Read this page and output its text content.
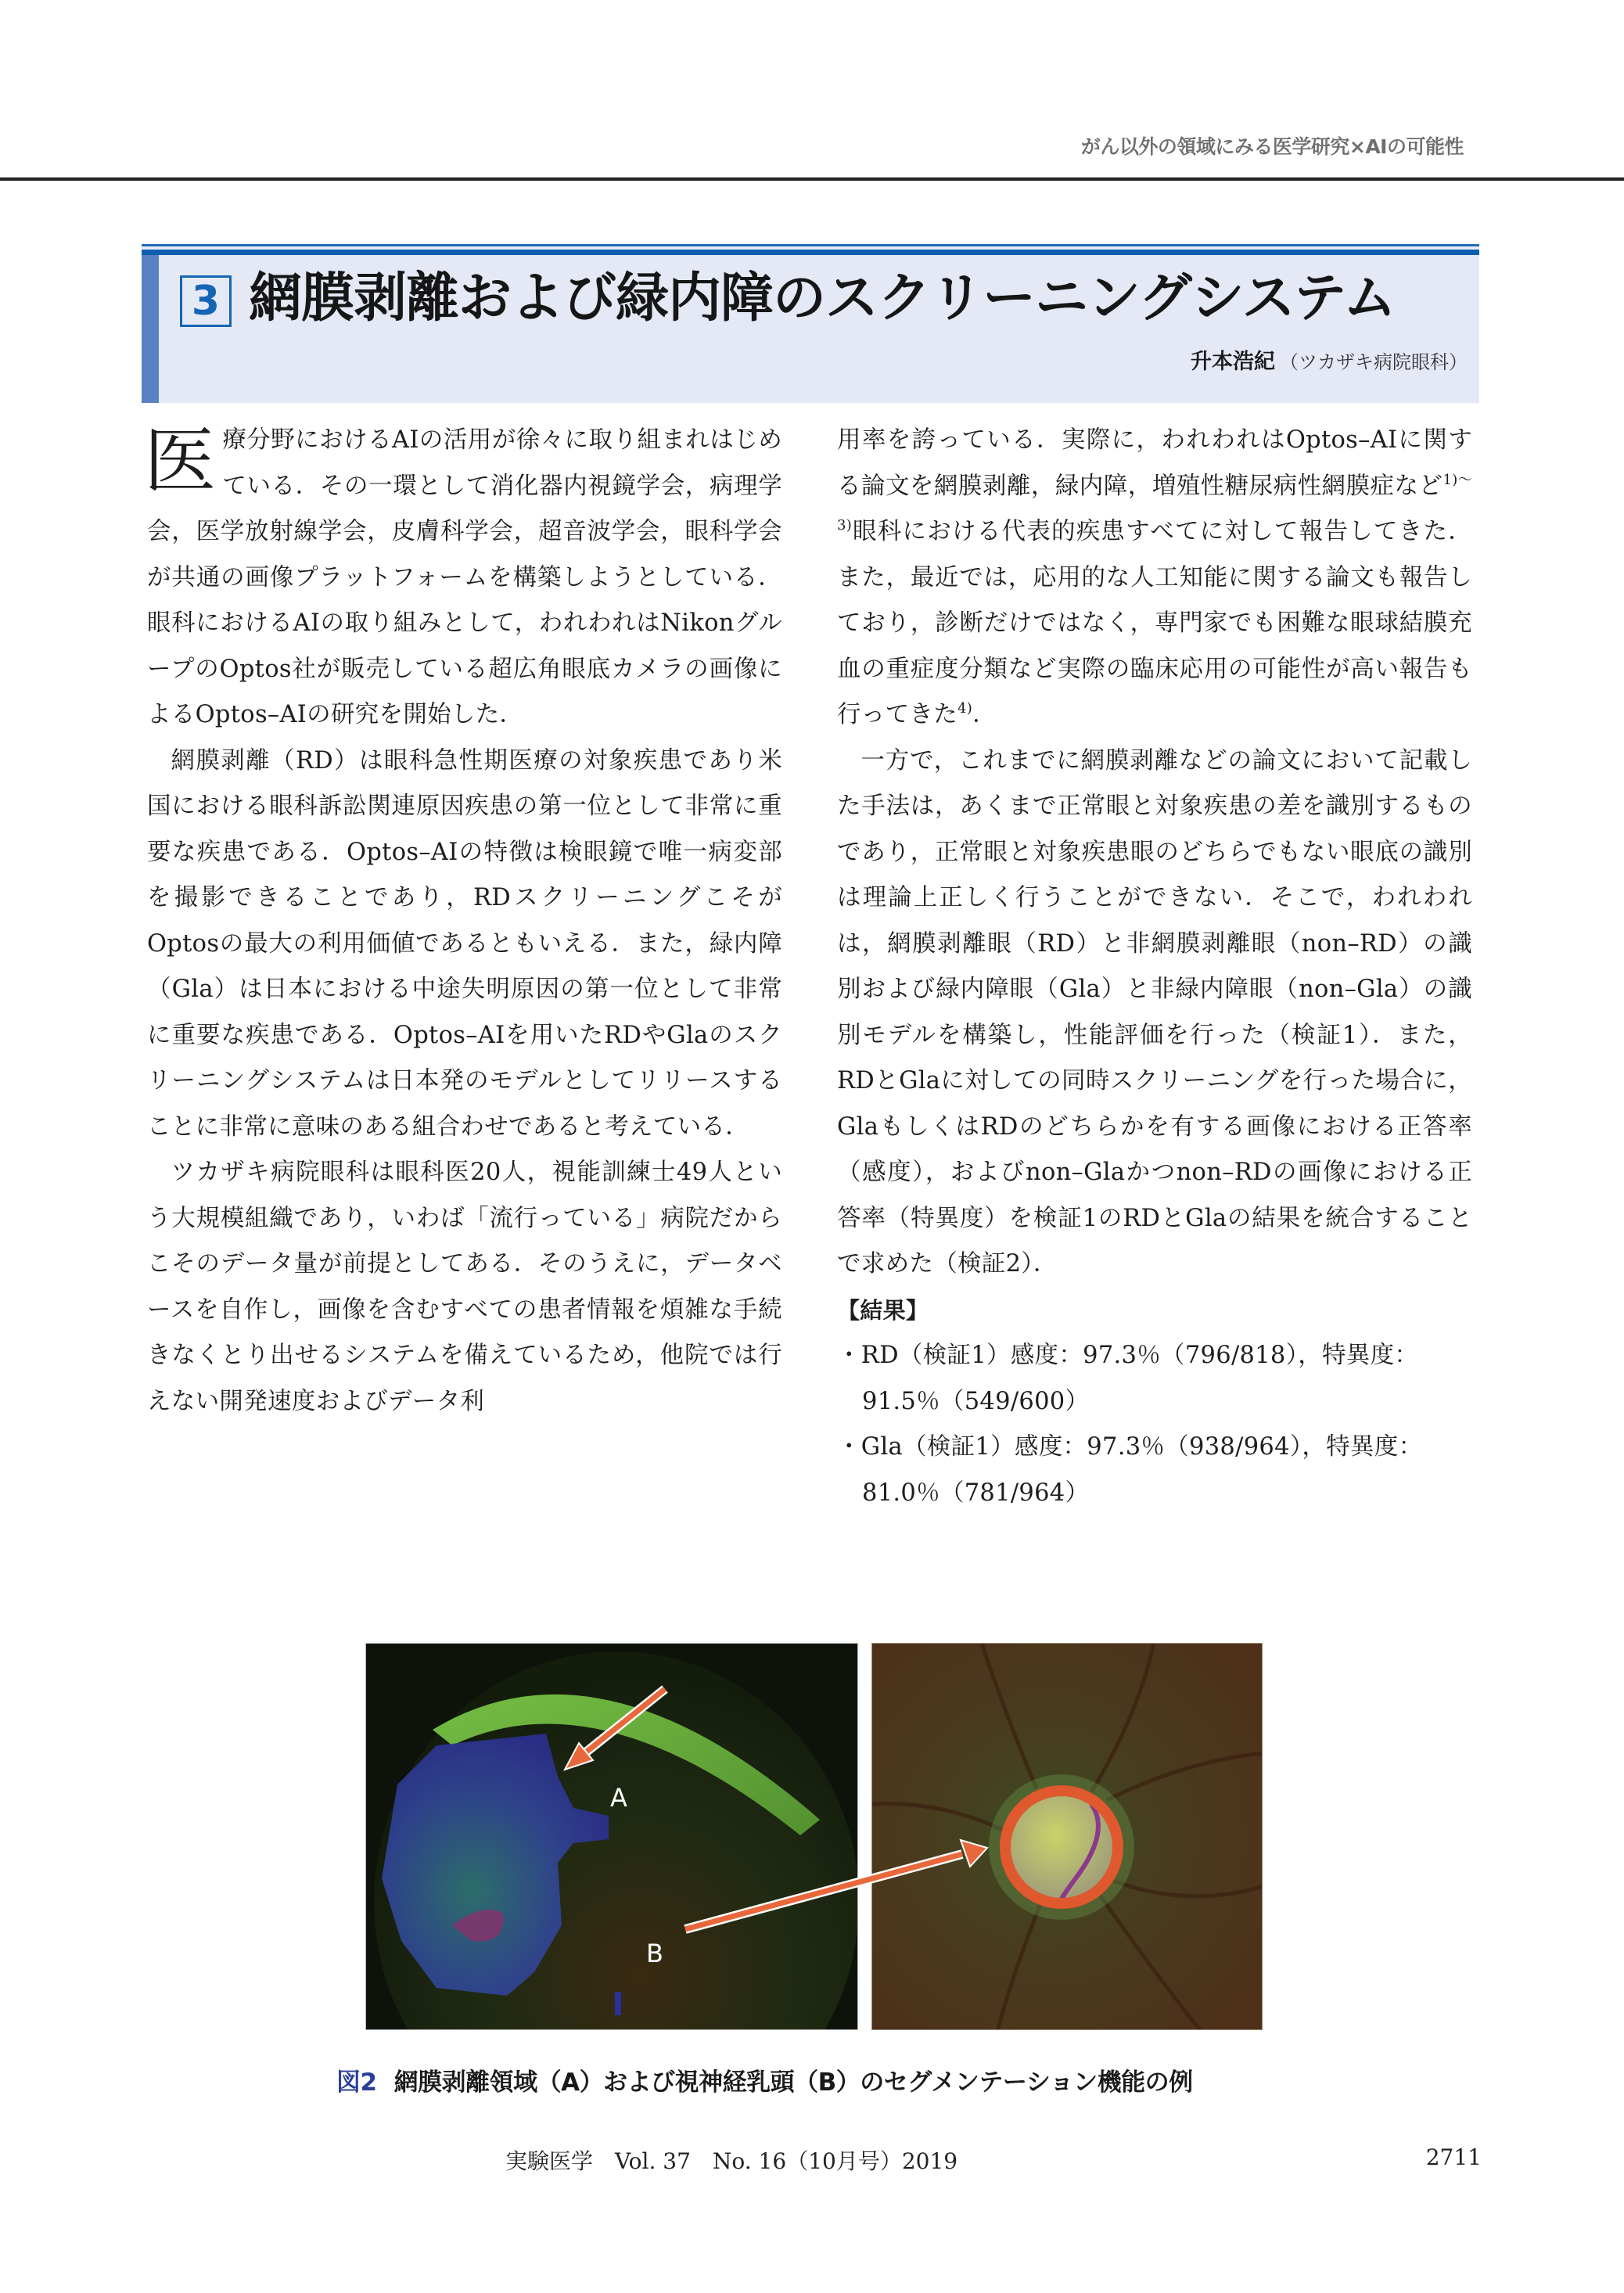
がん以外の領域にみる医学研究×AIの可能性
3 網膜剥離および緑内障のスクリーニングシステム
升本浩紀 （ツカザキ病院眼科）

医療分野におけるAIの活用が徐々に取り組まれはじめている．その一環として消化器内視鏡学会，病理学会，医学放射線学会，皮膚科学会，超音波学会，眼科学会が共通の画像プラットフォームを構築しようとしている．眼科におけるAIの取り組みとして，われわれはNikonグループのOptos社が販売している超広角眼底カメラの画像によるOptos–AIの研究を開始した．

網膜剥離（RD）は眼科急性期医療の対象疾患であり米国における眼科訴訟関連原因疾患の第一位として非常に重要な疾患である．Optos–AIの特徴は検眼鏡で唯一病変部を撮影できることであり，RDスクリーニングこそがOptosの最大の利用価値であるともいえる．また，緑内障（Gla）は日本における中途失明原因の第一位として非常に重要な疾患である．Optos–AIを用いたRDやGlaのスクリーニングシステムは日本発のモデルとしてリリースすることに非常に意味のある組合わせであると考えている．

ツカザキ病院眼科は眼科医20人，視能訓練士49人という大規模組織であり，いわば「流行っている」病院だからこそのデータ量が前提としてある．そのうえに，データベースを自作し，画像を含むすべての患者情報を煩雑な手続きなくとり出せるシステムを備えているため，他院では行えない開発速度およびデータ利

用率を誇っている．実際に，われわれはOptos–AIに関する論文を網膜剥離，緑内障，増殖性糖尿病性網膜症など$^{1)\sim 3)}$眼科における代表的疾患すべてに対して報告してきた．また，最近では，応用的な人工知能に関する論文も報告しており，診断だけではなく，専門家でも困難な眼球結膜充血の重症度分類など実際の臨床応用の可能性が高い報告も行ってきた$^{4)}$．

一方で，これまでに網膜剥離などの論文において記載した手法は，あくまで正常眼と対象疾患の差を識別するものであり，正常眼と対象疾患眼のどちらでもない眼底の識別は理論上正しく行うことができない．そこで，われわれは，網膜剥離眼（RD）と非網膜剥離眼（non–RD）の識別および緑内障眼（Gla）と非緑内障眼（non–Gla）の識別モデルを構築し，性能評価を行った（検証1）．また，RDとGlaに対しての同時スクリーニングを行った場合に，GlaもしくはRDのどちらかを有する画像における正答率（感度），およびnon–Glaかつnon–RDの画像における正答率（特異度）を検証1のRDとGlaの結果を統合することで求めた（検証2）．

【結果】

・RD（検証1）感度：97.3％（796/818），特異度：91.5％（549/600）

・Gla（検証1）感度：97.3％（938/964），特異度：81.0％（781/964）

A
B
図2 網膜剥離領域（A）および視神経乳頭（B）のセグメンテーション機能の例
実験医学　Vol. 37　No. 16（10月号）2019	2711
